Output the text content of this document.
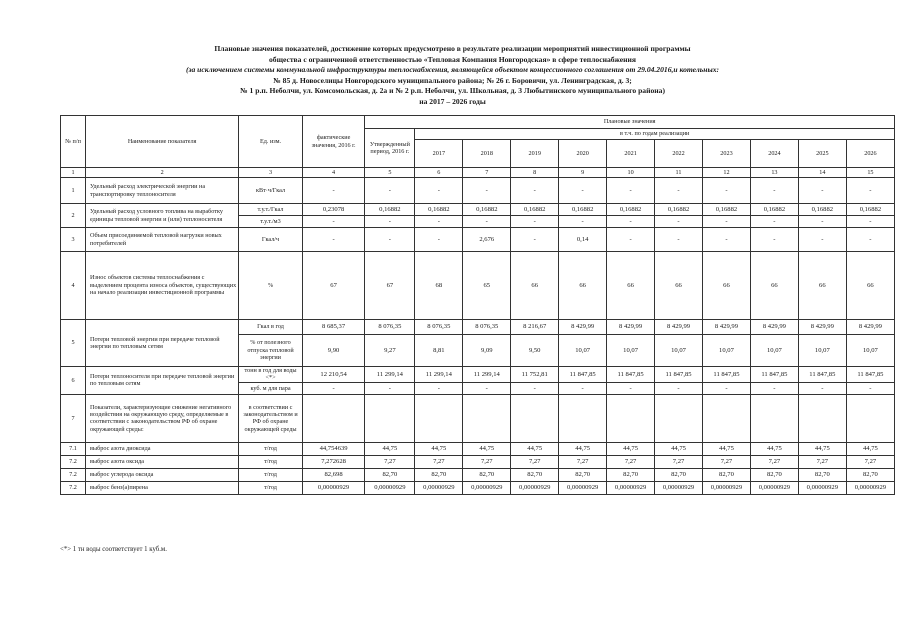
Плановые значения показателей, достижение которых предусмотрено в результате реализации мероприятий инвестиционной программы
общества с ограниченной ответственностью «Тепловая Компания Новгородская» в сфере теплоснабжения
(за исключением системы коммунальной инфраструктуры теплоснабжения, являющейся объектом концессионного соглашения от 29.04.2016,и котельных:
№ 85 д. Новоселицы Новгородского муниципального района; № 26 г. Боровичи, ул. Ленинградская, д. 3;
№ 1 р.п. Неболчи, ул. Комсомольская, д. 2а и № 2 р.п. Неболчи, ул. Школьная, д. 3 Любытинского муниципального района)
на 2017 – 2026 годы
№ п/п	Наименование показателя	Ед. изм.	фактические значения, 2016 г.	Плановые значения										
				Утвержденный период, 2016 г.	в т.ч. по годам реализации									
					2017	2018	2019	2020	2021	2022	2023	2024	2025	2026
1	2	3	4	5	6	7	8	9	10	11	12	13	14	15
1	Удельный расход электрической энергии на транспортировку теплоносителя	кВт·ч/Гкал	-	-	-	-	-	-	-	-	-	-	-	-
2	Удельный расход условного топлива на выработку единицы тепловой энергии и (или) теплоносителя	т.у.т./Гкал	0,23078	0,16882	0,16882	0,16882	0,16882	0,16882	0,16882	0,16882	0,16882	0,16882	0,16882	0,16882
		т.у.т./м3	-	-	-	-	-	-	-	-	-	-	-	-
3	Объем присоединяемой тепловой нагрузки новых потребителей	Гкал/ч	-	-	-	2,676	-	0,14	-	-	-	-	-	-
4	Износ объектов системы теплоснабжения с выделением процента износа объектов, существующих на начало реализации инвестиционной программы	%	67	67	68	65	66	66	66	66	66	66	66	66
5	Потери тепловой энергии при передаче тепловой энергии по тепловым сетям	Гкал в год	8 685,37	8 076,35	8 076,35	8 076,35	8 216,67	8 429,99	8 429,99	8 429,99	8 429,99	8 429,99	8 429,99	8 429,99
		% от полезного отпуска тепловой энергии	9,90	9,27	8,81	9,09	9,50	10,07	10,07	10,07	10,07	10,07	10,07	10,07
6	Потери теплоносителя при передаче тепловой энергии по тепловым сетям	тонн в год для воды <*>	12 210,54	11 299,14	11 299,14	11 299,14	11 752,81	11 847,85	11 847,85	11 847,85	11 847,85	11 847,85	11 847,85	11 847,85
		куб. м для пара	-	-	-	-	-	-	-	-	-	-	-	-
7	Показатели, характеризующие снижение негативного воздействия на окружающую среду, определяемые в соответствии с законодательством РФ об охране окружающей среды:	в соответствии с законодательством и РФ об охране окружающей среды												
7.1	выброс азота диоксида	т/год	44,754639	44,75	44,75	44,75	44,75	44,75	44,75	44,75	44,75	44,75	44,75	44,75
7.2	выброс азота оксида	т/год	7,272628	7,27	7,27	7,27	7,27	7,27	7,27	7,27	7,27	7,27	7,27	7,27
7.2	выброс углерода оксида	т/год	82,698	82,70	82,70	82,70	82,70	82,70	82,70	82,70	82,70	82,70	82,70	82,70
7.2	выброс бенз(а)пирена	т/год	0,00000929	0,00000929	0,00000929	0,00000929	0,00000929	0,00000929	0,00000929	0,00000929	0,00000929	0,00000929	0,00000929	0,00000929
<*> 1 тн воды соответствует 1 куб.м.
